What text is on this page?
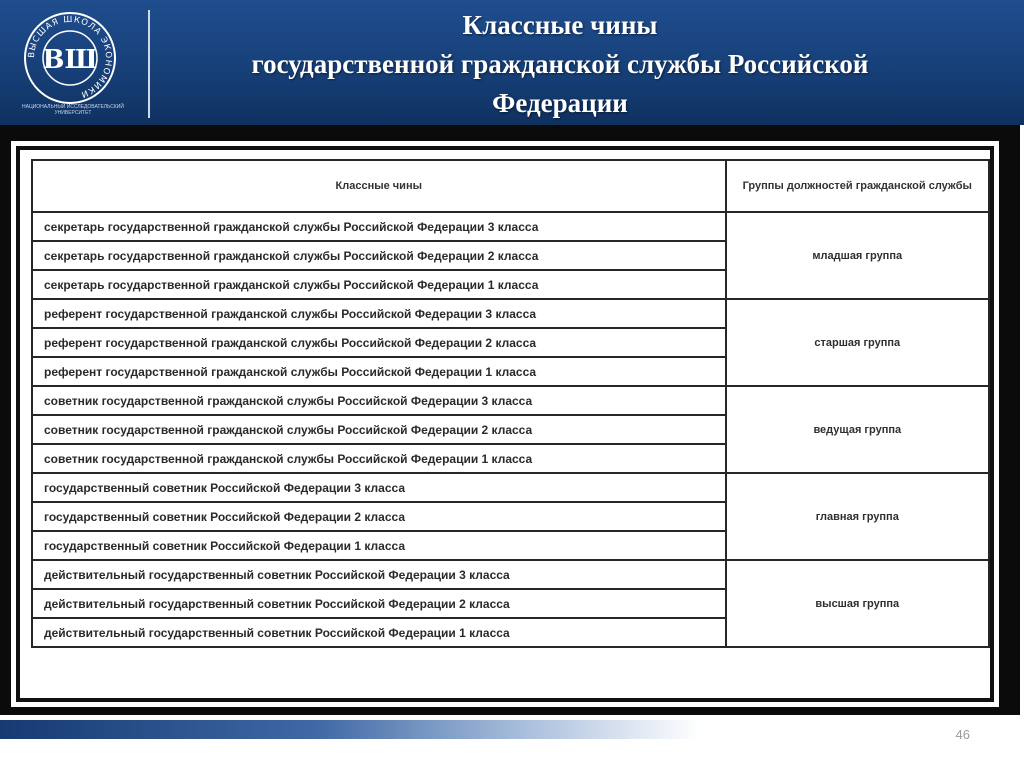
ВЫСШАЯ ШКОЛА ЭКОНОМИКИ
ВШ
НАЦИОНАЛЬНЫЙ ИССЛЕДОВАТЕЛЬСКИЙ УНИВЕРСИТЕТ
Классные чины
государственной гражданской службы Российской
Федерации
Классные чины	Группы должностей гражданской службы
секретарь государственной гражданской службы Российской Федерации 3 класса	младшая группа
секретарь государственной гражданской службы Российской Федерации 2 класса	
секретарь государственной гражданской службы Российской Федерации 1 класса	
референт государственной гражданской службы Российской Федерации 3 класса	старшая группа
референт государственной гражданской службы Российской Федерации 2 класса	
референт государственной гражданской службы Российской Федерации 1 класса	
советник государственной гражданской службы Российской Федерации 3 класса	ведущая группа
советник государственной гражданской службы Российской Федерации 2 класса	
советник государственной гражданской службы Российской Федерации 1 класса	
государственный советник Российской Федерации 3 класса	главная группа
государственный советник Российской Федерации 2 класса	
государственный советник Российской Федерации 1 класса	
действительный государственный советник Российской Федерации 3 класса	высшая группа
действительный государственный советник Российской Федерации 2 класса	
действительный государственный советник Российской Федерации 1 класса	
46
